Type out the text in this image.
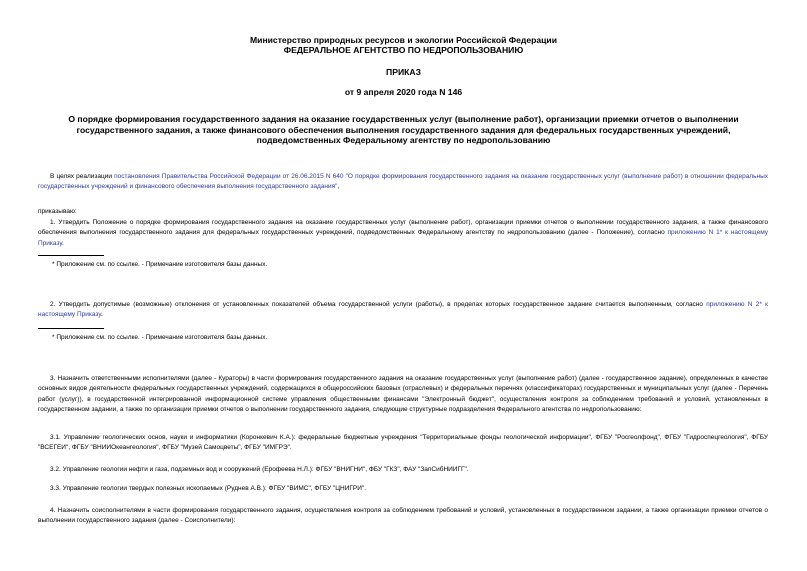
Министерство природных ресурсов и экологии Российской Федерации
ФЕДЕРАЛЬНОЕ АГЕНТСТВО ПО НЕДРОПОЛЬЗОВАНИЮ
ПРИКАЗ
от 9 апреля 2020 года N 146
О порядке формирования государственного задания на оказание государственных услуг (выполнение работ), организации приемки отчетов о выполнении
государственного задания, а также финансового обеспечения выполнения государственного задания для федеральных государственных учреждений,
подведомственных Федеральному агентству по недропользованию
В целях реализации постановления Правительства Российской Федерации от 26.06.2015 N 640 "О порядке формирования государственного задания на оказание государственных услуг (выполнение работ) в отношении федеральных государственных учреждений и финансового обеспечения выполнения государственного задания",
приказываю:
1. Утвердить Положение о порядке формирования государственного задания на оказание государственных услуг (выполнение работ), организации приемки отчетов о выполнении государственного задания, а также финансового обеспечения выполнения государственного задания для федеральных государственных учреждений, подведомственных Федеральному агентству по недропользованию (далее - Положение), согласно приложению N 1* к настоящему Приказу.
* Приложение см. по ссылке. - Примечание изготовителя базы данных.
2. Утвердить допустимые (возможные) отклонения от установленных показателей объема государственной услуги (работы), в пределах которых государственное задание считается выполненным, согласно приложению N 2* к настоящему Приказу.
* Приложение см. по ссылке. - Примечание изготовителя базы данных.
3. Назначить ответственными исполнителями (далее - Кураторы) в части формирования государственного задания на оказание государственных услуг (выполнение работ) (далее - государственное задание), определенных в качестве основных видов деятельности федеральных государственных учреждений, содержащихся в общероссийских базовых (отраслевых) и федеральных перечнях (классификаторах) государственных и муниципальных услуг (далее - Перечень работ (услуг)), в государственной интегрированной информационной системе управления общественными финансами "Электронный бюджет", осуществления контроля за соблюдением требований и условий, установленных в государственном задании, а также по организации приемки отчетов о выполнении государственного задания, следующие структурные подразделения Федерального агентства по недропользованию:
3.1. Управление геологических основ, науки и информатики (Коронкевич К.А.): федеральные бюджетные учреждения "Территориальные фонды геологической информации", ФГБУ "Росгеолфонд", ФГБУ "Гидроспецгеология", ФГБУ "ВСЕГЕИ", ФГБУ "ВНИИОкеангеология", ФГБУ "Музей Самоцветы", ФГБУ "ИМГРЭ".
3.2. Управление геологии нефти и газа, подземных вод и сооружений (Ерофеева Н.Л.): ФГБУ "ВНИГНИ", ФБУ "ГКЗ", ФАУ "ЗапСибНИИГГ".
3.3. Управление геологии твердых полезных ископаемых (Руднев А.В.): ФГБУ "ВИМС", ФГБУ "ЦНИГРИ".
4. Назначить соисполнителями в части формирования государственного задания, осуществления контроля за соблюдением требований и условий, установленных в государственном задании, а также организации приемки отчетов о выполнении государственного задания (далее - Соисполнители):
